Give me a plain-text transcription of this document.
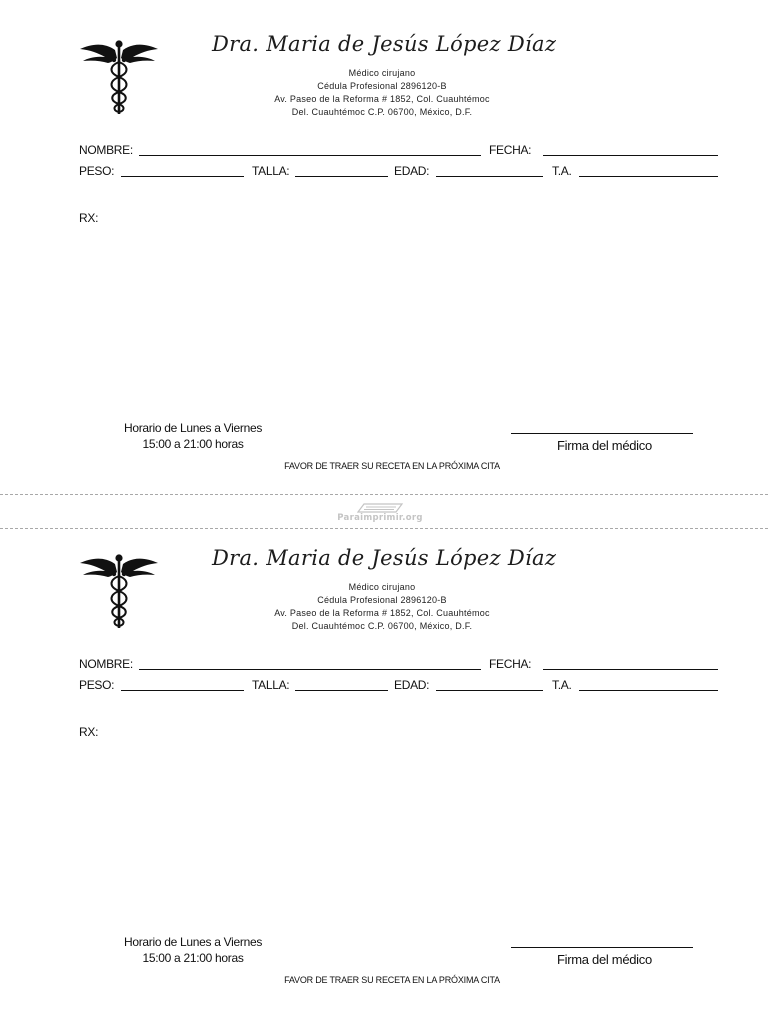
Dra. Maria de Jesús López Díaz
Médico cirujano
Cédula Profesional 2896120-B
Av. Paseo de la Reforma # 1852, Col. Cuauhtémoc
Del. Cuauhtémoc C.P. 06700, México, D.F.
NOMBRE:	FECHA:
PESO:	TALLA:	EDAD:	T.A.
RX:
Horario de Lunes a Viernes
15:00 a 21:00 horas	Firma del médico
FAVOR DE TRAER SU RECETA EN LA PRÓXIMA CITA
Paraimprimir.org
Dra. Maria de Jesús López Díaz
Médico cirujano
Cédula Profesional 2896120-B
Av. Paseo de la Reforma # 1852, Col. Cuauhtémoc
Del. Cuauhtémoc C.P. 06700, México, D.F.
NOMBRE:	FECHA:
PESO:	TALLA:	EDAD:	T.A.
RX:
Horario de Lunes a Viernes
15:00 a 21:00 horas	Firma del médico
FAVOR DE TRAER SU RECETA EN LA PRÓXIMA CITA
